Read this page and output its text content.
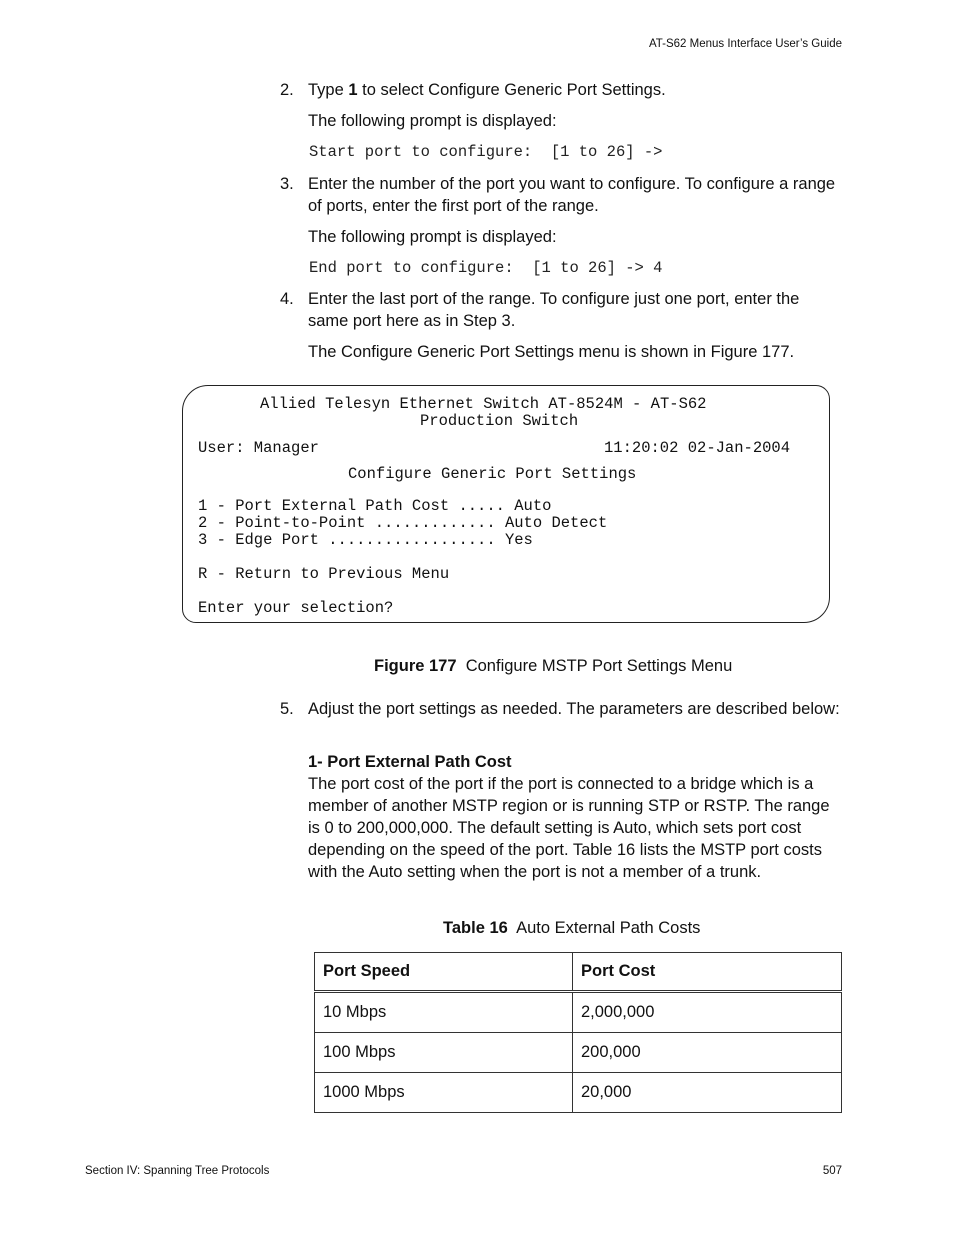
AT-S62 Menus Interface User’s Guide
2. Type 1 to select Configure Generic Port Settings.
The following prompt is displayed:
Start port to configure:  [1 to 26] ->
3. Enter the number of the port you want to configure. To configure a range of ports, enter the first port of the range.
The following prompt is displayed:
End port to configure:  [1 to 26] -> 4
4. Enter the last port of the range. To configure just one port, enter the same port here as in Step 3.
The Configure Generic Port Settings menu is shown in Figure 177.
Allied Telesyn Ethernet Switch AT-8524M - AT-S62
Production Switch
User: Manager	11:20:02 02-Jan-2004
Configure Generic Port Settings
1 - Port External Path Cost ..... Auto
2 - Point-to-Point ............. Auto Detect
3 - Edge Port .................. Yes
R - Return to Previous Menu
Enter your selection?
Figure 177 Configure MSTP Port Settings Menu
5. Adjust the port settings as needed. The parameters are described below:
1- Port External Path Cost
The port cost of the port if the port is connected to a bridge which is a member of another MSTP region or is running STP or RSTP. The range is 0 to 200,000,000. The default setting is Auto, which sets port cost depending on the speed of the port. Table 16 lists the MSTP port costs with the Auto setting when the port is not a member of a trunk.
Table 16 Auto External Path Costs
Port Speed	Port Cost
10 Mbps	2,000,000
100 Mbps	200,000
1000 Mbps	20,000
Section IV: Spanning Tree Protocols	507
